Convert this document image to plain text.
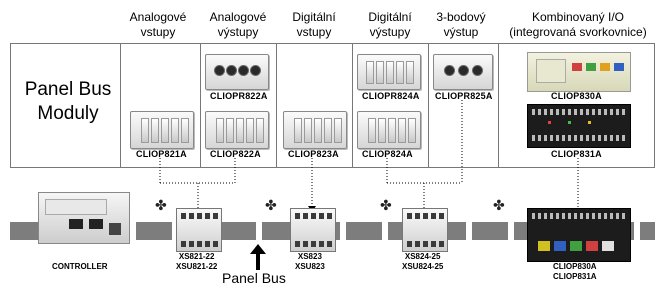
Analogové
vstupy
Analogové
výstupy
Digitální
vstupy
Digitální
výstupy
3-bodový
výstup
Kombinovaný I/O
(integrovaná svorkovnice)
Panel Bus
Moduly
CLIOP821A
CLIOPR822A
CLIOP822A	CLIOP823A
CLIOPR824A
CLIOP824A
CLIOPR825A	CLIOP830A
CLIOP831A
✤	✤	✤	✤
CONTROLLER
XS821-22
XSU821-22
XS823
XSU823
XS824-25
XSU824-25	CLIOP830A
CLIOP831A
Panel Bus
